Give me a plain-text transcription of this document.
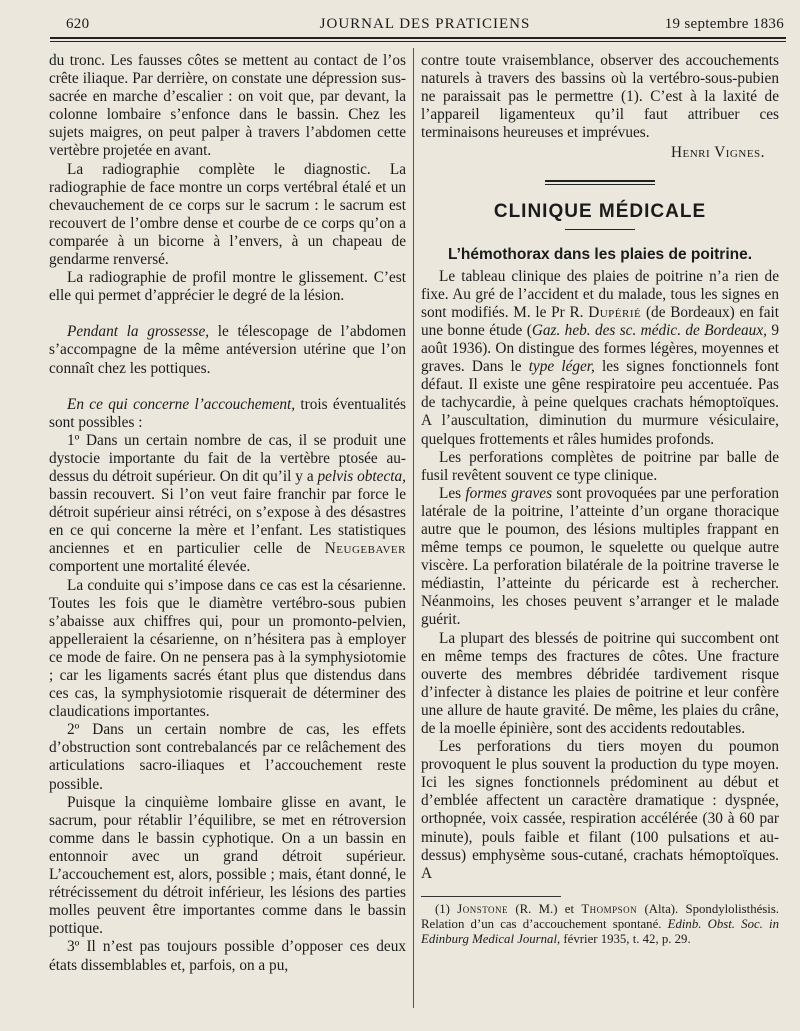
620	JOURNAL DES PRATICIENS	19 septembre 1836

du tronc. Les fausses côtes se mettent au contact de l’os crête iliaque. Par derrière, on constate une dépression sus-sacrée en marche d’escalier : on voit que, par devant, la colonne lombaire s’enfonce dans le bassin. Chez les sujets maigres, on peut palper à travers l’abdomen cette vertèbre projetée en avant.

La radiographie complète le diagnostic. La radiographie de face montre un corps vertébral étalé et un chevauchement de ce corps sur le sacrum : le sacrum est recouvert de l’ombre dense et courbe de ce corps qu’on a comparée à un bicorne à l’envers, à un chapeau de gendarme renversé.

La radiographie de profil montre le glissement. C’est elle qui permet d’apprécier le degré de la lésion.

Pendant la grossesse, le télescopage de l’abdomen s’accompagne de la même antéversion utérine que l’on connaît chez les pottiques.

En ce qui concerne l’accouchement, trois éventualités sont possibles :

1º Dans un certain nombre de cas, il se produit une dystocie importante du fait de la vertèbre ptosée au-dessus du détroit supérieur. On dit qu’il y a pelvis obtecta, bassin recouvert. Si l’on veut faire franchir par force le détroit supérieur ainsi rétréci, on s’expose à des désastres en ce qui concerne la mère et l’enfant. Les statistiques anciennes et en particulier celle de Neugebaver comportent une mortalité élevée.

La conduite qui s’impose dans ce cas est la césarienne. Toutes les fois que le diamètre vertébro-sous pubien s’abaisse aux chiffres qui, pour un promonto-pelvien, appelleraient la césarienne, on n’hésitera pas à employer ce mode de faire. On ne pensera pas à la symphysiotomie ; car les ligaments sacrés étant plus que distendus dans ces cas, la symphysiotomie risquerait de déterminer des claudications importantes.

2º Dans un certain nombre de cas, les effets d’obstruction sont contrebalancés par ce relâchement des articulations sacro-iliaques et l’accouchement reste possible.

Puisque la cinquième lombaire glisse en avant, le sacrum, pour rétablir l’équilibre, se met en rétroversion comme dans le bassin cyphotique. On a un bassin en entonnoir avec un grand détroit supérieur. L’accouchement est, alors, possible ; mais, étant donné, le rétrécissement du détroit inférieur, les lésions des parties molles peuvent être importantes comme dans le bassin pottique.

3º Il n’est pas toujours possible d’opposer ces deux états dissemblables et, parfois, on a pu,

contre toute vraisemblance, observer des accouchements naturels à travers des bassins où la vertébro-sous-pubien ne paraissait pas le permettre (1). C’est à la laxité de l’appareil ligamenteux qu’il faut attribuer ces terminaisons heureuses et imprévues.

Henri Vignes.

CLINIQUE MÉDICALE

L’hémothorax dans les plaies de poitrine.

Le tableau clinique des plaies de poitrine n’a rien de fixe. Au gré de l’accident et du malade, tous les signes en sont modifiés. M. le Pr R. Dupérié (de Bordeaux) en fait une bonne étude (Gaz. heb. des sc. médic. de Bordeaux, 9 août 1936). On distingue des formes légères, moyennes et graves. Dans le type léger, les signes fonctionnels font défaut. Il existe une gêne respiratoire peu accentuée. Pas de tachycardie, à peine quelques crachats hémoptoïques. A l’auscultation, diminution du murmure vésiculaire, quelques frottements et râles humides profonds.

Les perforations complètes de poitrine par balle de fusil revêtent souvent ce type clinique.

Les formes graves sont provoquées par une perforation latérale de la poitrine, l’atteinte d’un organe thoracique autre que le poumon, des lésions multiples frappant en même temps ce poumon, le squelette ou quelque autre viscère. La perforation bilatérale de la poitrine traverse le médiastin, l’atteinte du péricarde est à rechercher. Néanmoins, les choses peuvent s’arranger et le malade guérit.

La plupart des blessés de poitrine qui succombent ont en même temps des fractures de côtes. Une fracture ouverte des membres débridée tardivement risque d’infecter à distance les plaies de poitrine et leur confère une allure de haute gravité. De même, les plaies du crâne, de la moelle épinière, sont des accidents redoutables.

Les perforations du tiers moyen du poumon provoquent le plus souvent la production du type moyen. Ici les signes fonctionnels prédominent au début et d’emblée affectent un caractère dramatique : dyspnée, orthopnée, voix cassée, respiration accélérée (30 à 60 par minute), pouls faible et filant (100 pulsations et au-dessus) emphysème sous-cutané, crachats hémoptoïques. A

(1) Jonstone (R. M.) et Thompson (Alta). Spondylolisthésis. Relation d’un cas d’accouchement spontané. Edinb. Obst. Soc. in Edinburg Medical Journal, février 1935, t. 42, p. 29.
